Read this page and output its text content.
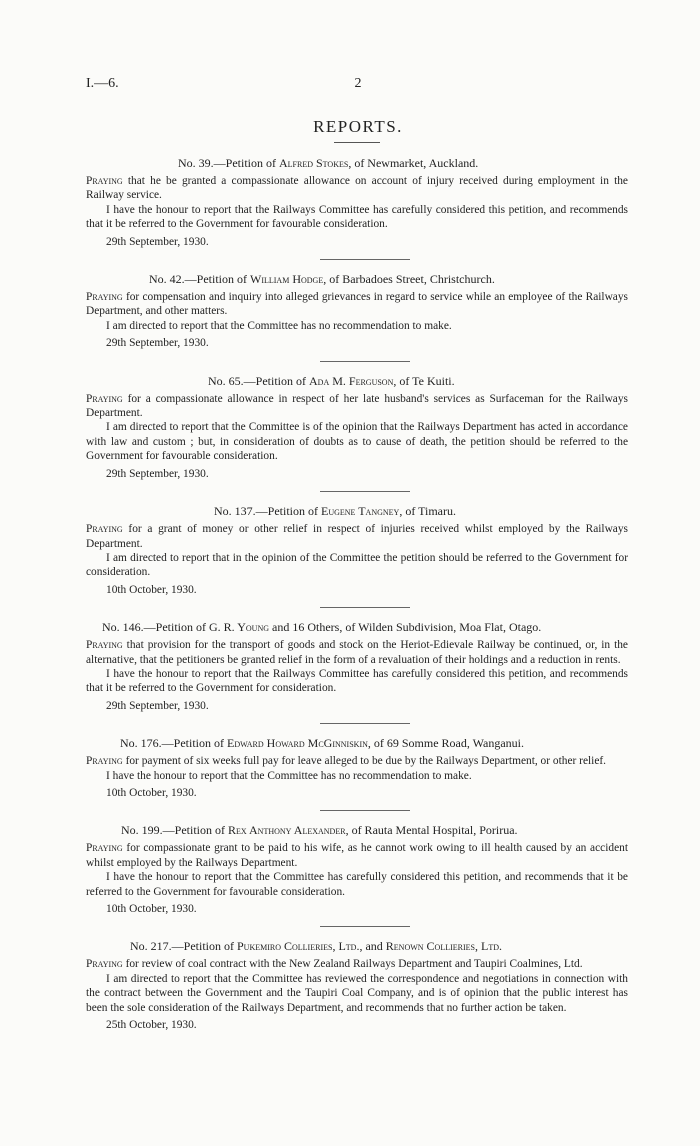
I.—6.	2
REPORTS.

No. 39.—Petition of Alfred Stokes, of Newmarket, Auckland.

Praying that he be granted a compassionate allowance on account of injury received during employment in the Railway service.

I have the honour to report that the Railways Committee has carefully considered this petition, and recommends that it be referred to the Government for favourable consideration.

29th September, 1930.

No. 42.—Petition of William Hodge, of Barbadoes Street, Christchurch.

Praying for compensation and inquiry into alleged grievances in regard to service while an employee of the Railways Department, and other matters.

I am directed to report that the Committee has no recommendation to make.

29th September, 1930.

No. 65.—Petition of Ada M. Ferguson, of Te Kuiti.

Praying for a compassionate allowance in respect of her late husband's services as Surfaceman for the Railways Department.

I am directed to report that the Committee is of the opinion that the Railways Department has acted in accordance with law and custom ; but, in consideration of doubts as to cause of death, the petition should be referred to the Government for favourable consideration.

29th September, 1930.

No. 137.—Petition of Eugene Tangney, of Timaru.

Praying for a grant of money or other relief in respect of injuries received whilst employed by the Railways Department.

I am directed to report that in the opinion of the Committee the petition should be referred to the Government for consideration.

10th October, 1930.

No. 146.—Petition of G. R. Young and 16 Others, of Wilden Subdivision, Moa Flat, Otago.

Praying that provision for the transport of goods and stock on the Heriot-Edievale Railway be continued, or, in the alternative, that the petitioners be granted relief in the form of a revaluation of their holdings and a reduction in rents.

I have the honour to report that the Railways Committee has carefully considered this petition, and recommends that it be referred to the Government for consideration.

29th September, 1930.

No. 176.—Petition of Edward Howard McGinniskin, of 69 Somme Road, Wanganui.

Praying for payment of six weeks full pay for leave alleged to be due by the Railways Department, or other relief.

I have the honour to report that the Committee has no recommendation to make.

10th October, 1930.

No. 199.—Petition of Rex Anthony Alexander, of Rauta Mental Hospital, Porirua.

Praying for compassionate grant to be paid to his wife, as he cannot work owing to ill health caused by an accident whilst employed by the Railways Department.

I have the honour to report that the Committee has carefully considered this petition, and recommends that it be referred to the Government for favourable consideration.

10th October, 1930.

No. 217.—Petition of Pukemiro Collieries, Ltd., and Renown Collieries, Ltd.

Praying for review of coal contract with the New Zealand Railways Department and Taupiri Coalmines, Ltd.

I am directed to report that the Committee has reviewed the correspondence and negotiations in connection with the contract between the Government and the Taupiri Coal Company, and is of opinion that the public interest has been the sole consideration of the Railways Department, and recommends that no further action be taken.

25th October, 1930.
